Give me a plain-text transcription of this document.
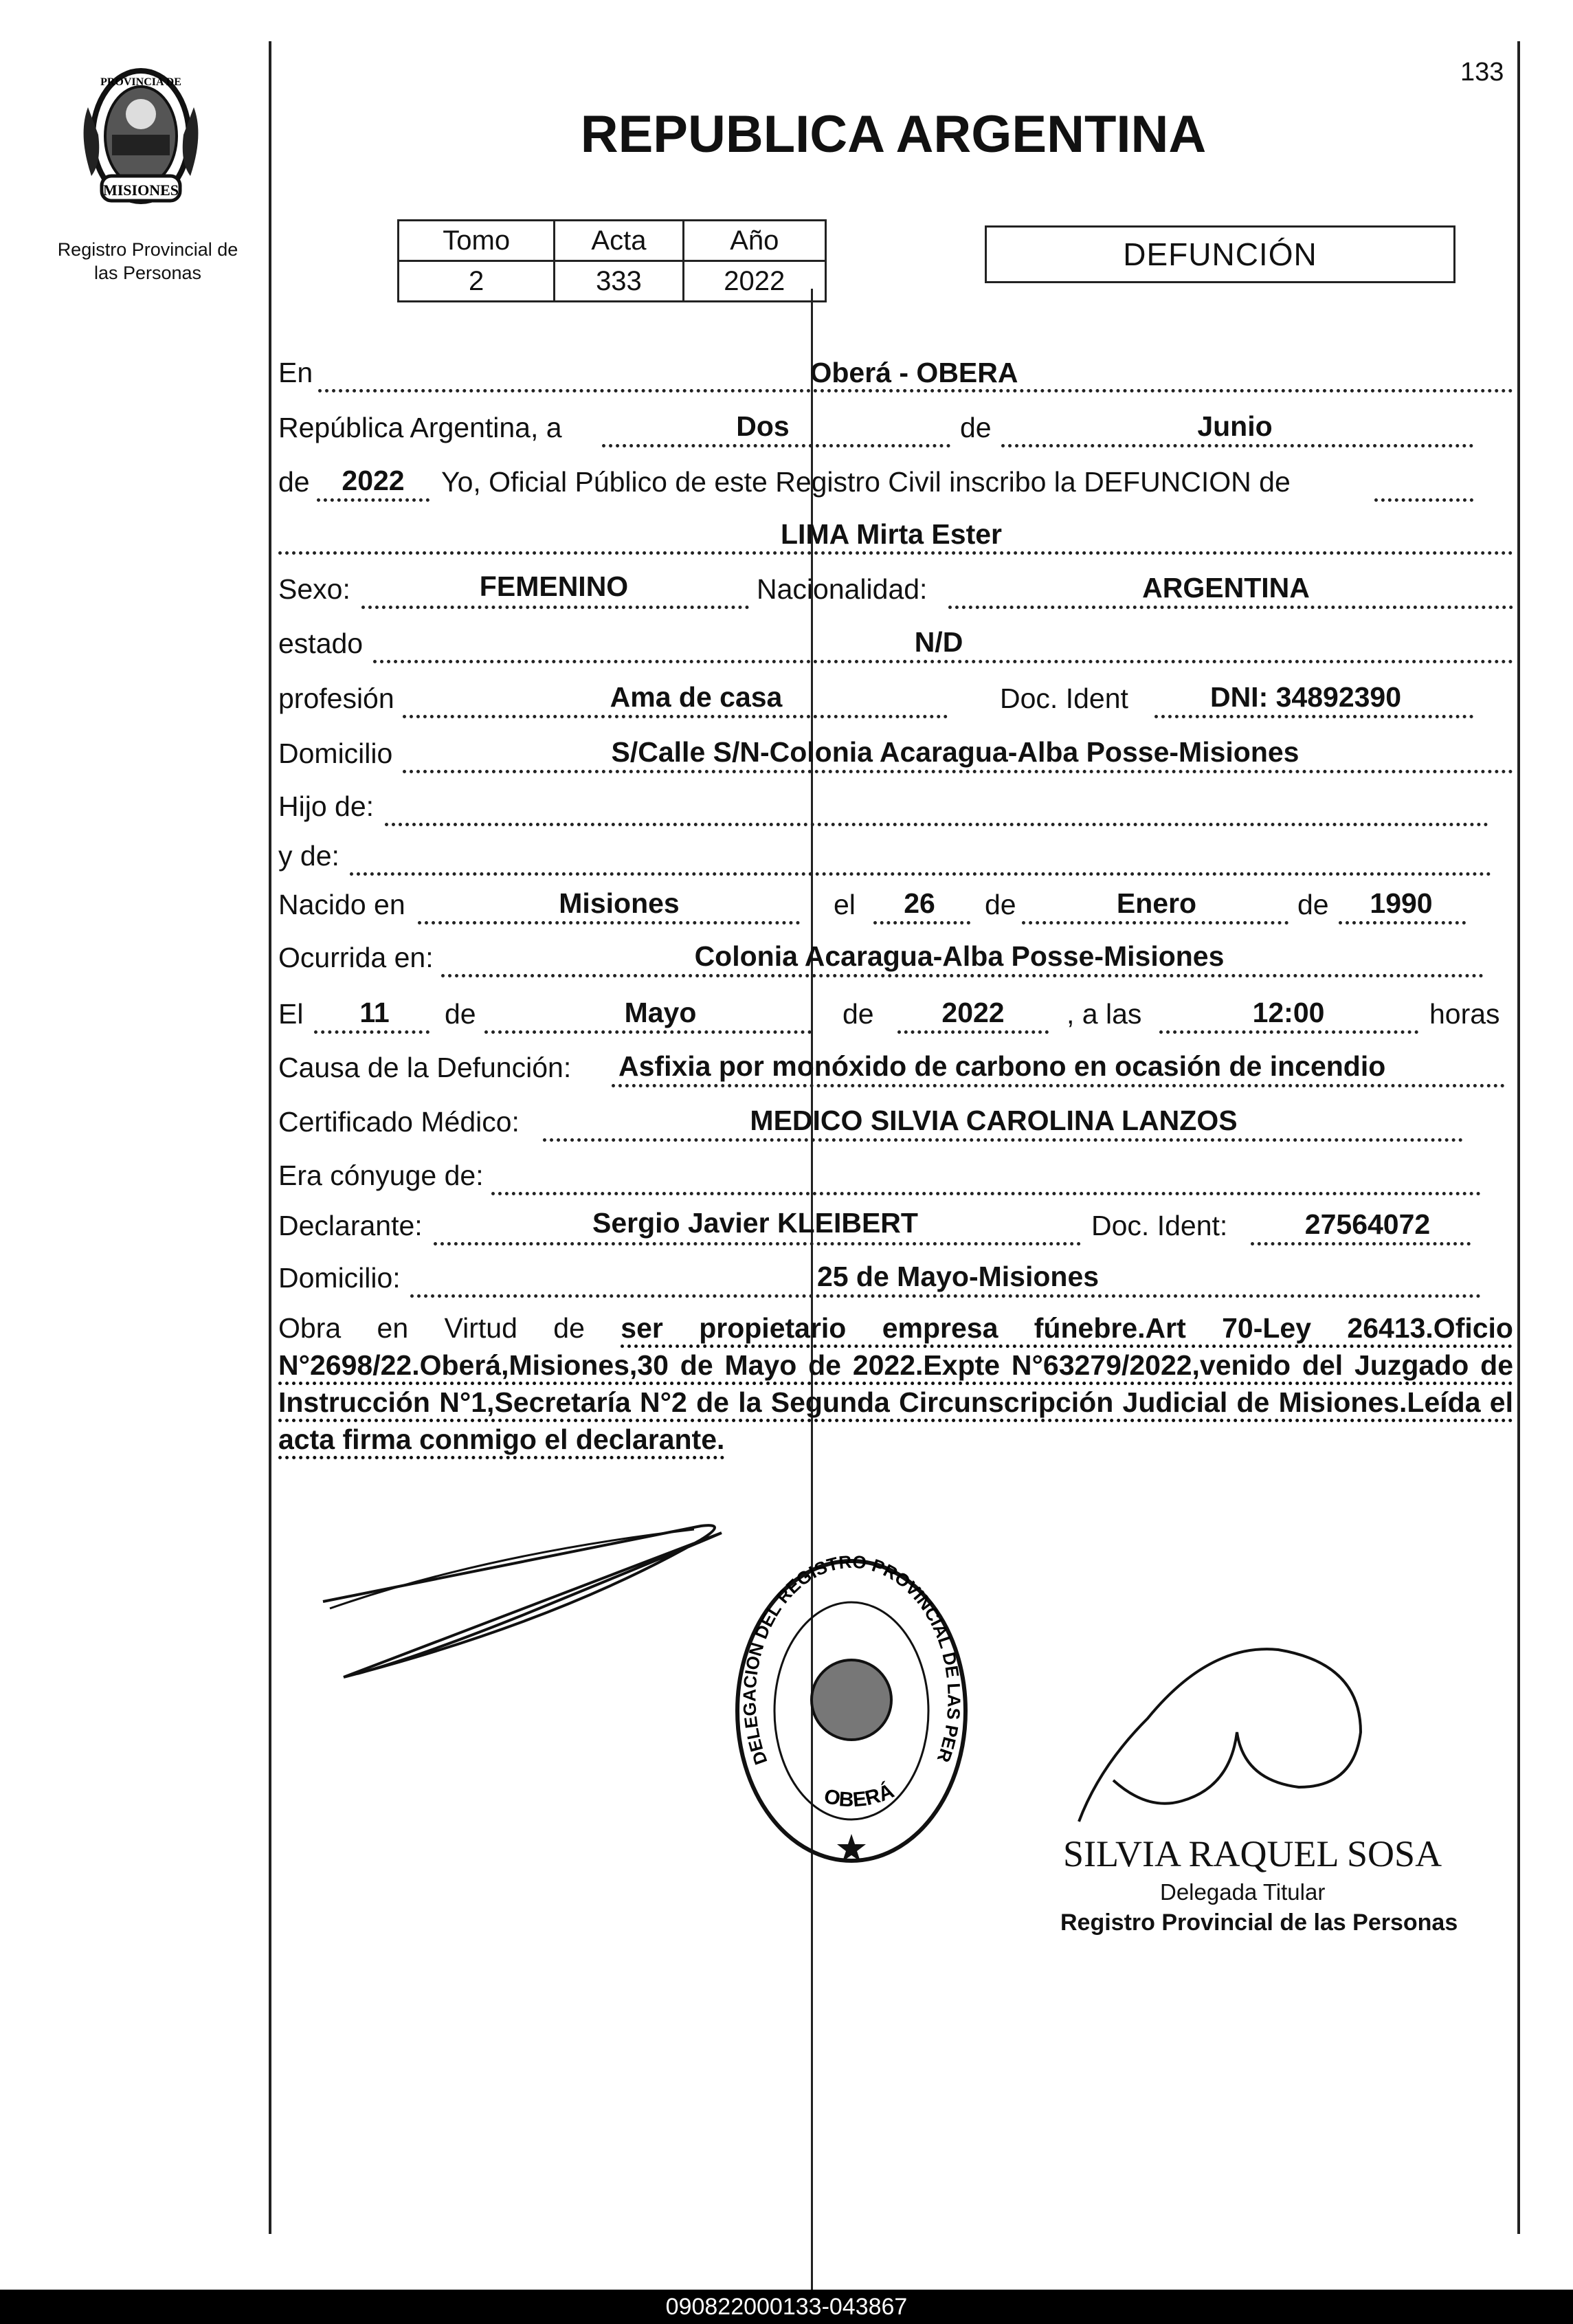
MISIONES
PROVINCIA DE
Registro Provincial de
las Personas
133
REPUBLICA ARGENTINA
Tomo	Acta	Año
2	333	2022
DEFUNCIÓN
En	Oberá - OBERA
República Argentina, a	Dos	de	Junio
de 2022 Yo, Oficial Público de este Registro Civil inscribo la DEFUNCION de
LIMA Mirta Ester
Sexo:	FEMENINO	Nacionalidad:	ARGENTINA
estado	N/D
profesión	Ama de casa	Doc. Ident	DNI: 34892390
Domicilio	S/Calle S/N-Colonia Acaragua-Alba Posse-Misiones
Hijo de:
y de:
Nacido en	Misiones	el 26 de	Enero	de 1990
Ocurrida en:	Colonia Acaragua-Alba Posse-Misiones
El 11 de	Mayo	de 2022 , a las	12:00	horas
Causa de la Defunción: Asfixia por monóxido de carbono en ocasión de incendio
Certificado Médico:	MEDICO SILVIA CAROLINA LANZOS
Era cónyuge de:
Declarante:	Sergio Javier KLEIBERT	Doc. Ident:	27564072
Domicilio:	25 de Mayo-Misiones
Obra en Virtud de ser propietario empresa fúnebre.Art 70-Ley 26413.Oficio N°2698/22.Oberá,Misiones,30 de Mayo de 2022.Expte N°63279/2022,venido del Juzgado de Instrucción N°1,Secretaría N°2 de la Segunda Circunscripción Judicial de Misiones.Leída el acta firma conmigo el declarante.
DELEGACION DEL REGISTRO PROVINCIAL DE LAS PER
OBERÁ
SILVIA RAQUEL SOSA
Delegada Titular
Registro Provincial de las Personas
090822000133-043867
